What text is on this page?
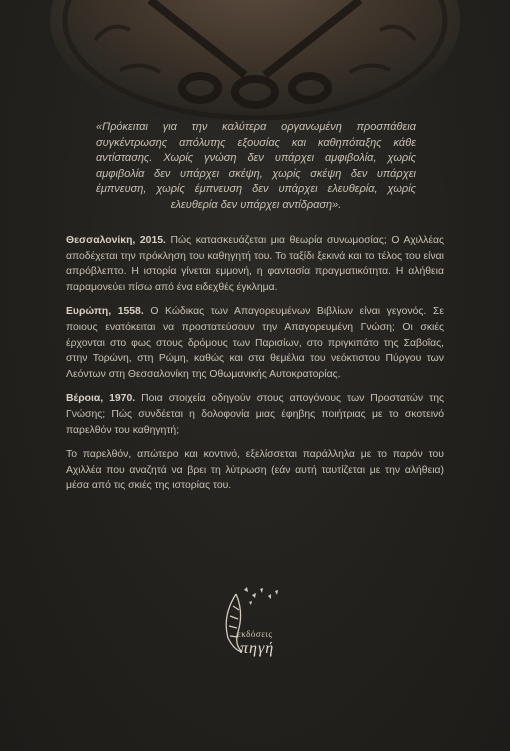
«Πρόκειται για την καλύτερα οργανωμένη προσπάθεια συγκέντρωσης απόλυτης εξουσίας και καθηπόταξης κάθε αντίστασης. Χωρίς γνώση δεν υπάρχει αμφιβολία, χωρίς αμφιβολία δεν υπάρχει σκέψη, χωρίς σκέψη δεν υπάρχει έμπνευση, χωρίς έμπνευση δεν υπάρχει ελευθερία, χωρίς ελευθερία δεν υπάρχει αντίδραση».

Θεσσαλονίκη, 2015. Πώς κατασκευάζεται μια θεωρία συνωμοσίας; Ο Αχιλλέας αποδέχεται την πρόκληση του καθηγητή του. Το ταξίδι ξεκινά και το τέλος του είναι απρόβλεπτο. Η ιστορία γίνεται εμμονή, η φαντασία πραγματικότητα. Η αλήθεια παραμονεύει πίσω από ένα ειδεχθές έγκλημα.

Ευρώπη, 1558. Ο Κώδικας των Απαγορευμένων Βιβλίων είναι γεγονός. Σε ποιους ενατόκειται να προστατεύσουν την Απαγορευμένη Γνώση; Οι σκιές έρχονται στο φως στους δρόμους των Παρισίων, στο πριγκιπάτο της Σαβοΐας, στην Τορώνη, στη Ρώμη, καθώς και στα θεμέλια του νεόκτιστου Πύργου των Λεόντων στη Θεσσαλονίκη της Οθωμανικής Αυτοκρατορίας.

Βέροια, 1970. Ποια στοιχεία οδηγούν στους απογόνους των Προστατών της Γνώσης; Πώς συνδέεται η δολοφονία μιας έφηβης ποιήτριας με το σκοτεινό παρελθόν του καθηγητή;

Το παρελθόν, απώτερο και κοντινό, εξελίσσεται παράλληλα με το παρόν του Αχιλλέα που αναζητά να βρει τη λύτρωση (εάν αυτή ταυτίζεται με την αλήθεια) μέσα από τις σκιές της ιστορίας του.

εκδόσεις
πηγή
